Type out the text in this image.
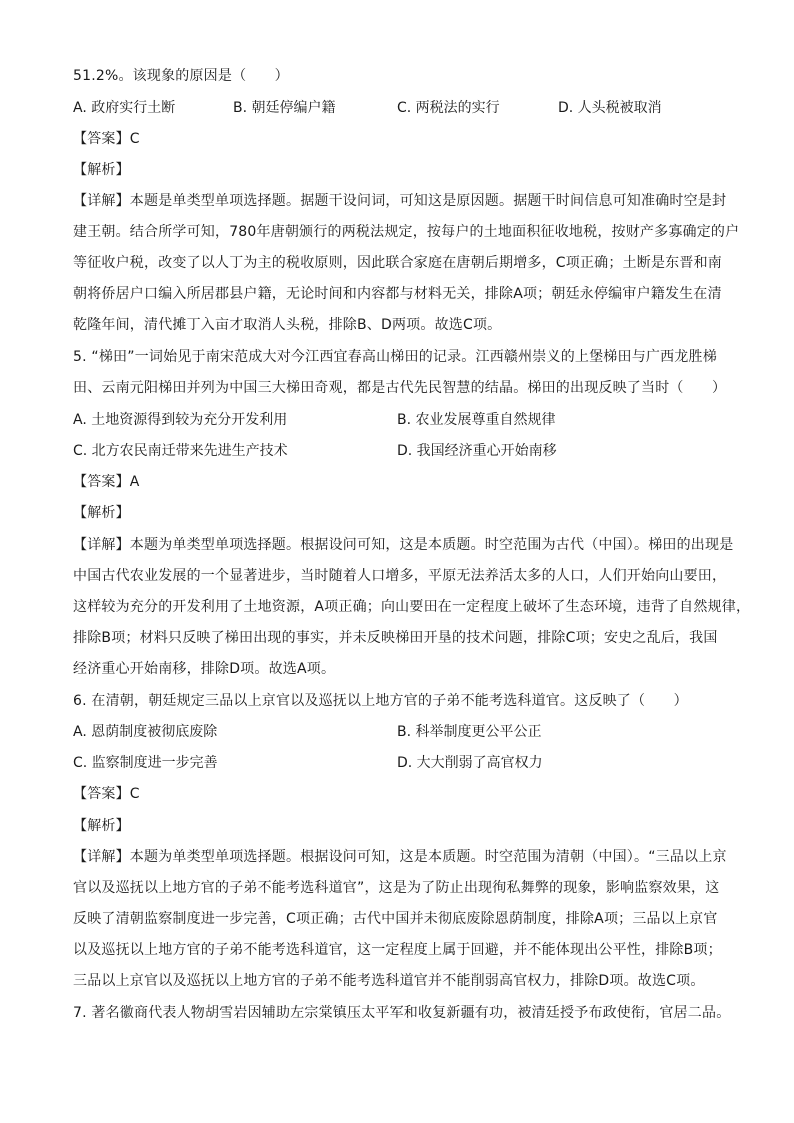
51.2%。该现象的原因是（　　）
A. 政府实行土断	B. 朝廷停编户籍	C. 两税法的实行	D. 人头税被取消
【答案】C
【解析】
【详解】本题是单类型单项选择题。据题干设问词，可知这是原因题。据题干时间信息可知准确时空是封
建王朝。结合所学可知，780年唐朝颁行的两税法规定，按每户的土地面积征收地税，按财产多寡确定的户
等征收户税，改变了以人丁为主的税收原则，因此联合家庭在唐朝后期增多，C项正确；土断是东晋和南
朝将侨居户口编入所居郡县户籍，无论时间和内容都与材料无关，排除A项；朝廷永停编审户籍发生在清
乾隆年间，清代摊丁入亩才取消人头税，排除B、D两项。故选C项。
5. “梯田”一词始见于南宋范成大对今江西宜春高山梯田的记录。江西赣州崇义的上堡梯田与广西龙胜梯
田、云南元阳梯田并列为中国三大梯田奇观，都是古代先民智慧的结晶。梯田的出现反映了当时（　　）
A. 土地资源得到较为充分开发利用	B. 农业发展尊重自然规律
C. 北方农民南迁带来先进生产技术	D. 我国经济重心开始南移
【答案】A
【解析】
【详解】本题为单类型单项选择题。根据设问可知，这是本质题。时空范围为古代（中国）。梯田的出现是
中国古代农业发展的一个显著进步，当时随着人口增多，平原无法养活太多的人口，人们开始向山要田，
这样较为充分的开发利用了土地资源，A项正确；向山要田在一定程度上破坏了生态环境，违背了自然规律，
排除B项；材料只反映了梯田出现的事实，并未反映梯田开垦的技术问题，排除C项；安史之乱后，我国
经济重心开始南移，排除D项。故选A项。
6. 在清朝，朝廷规定三品以上京官以及巡抚以上地方官的子弟不能考选科道官。这反映了（　　）
A. 恩荫制度被彻底废除	B. 科举制度更公平公正
C. 监察制度进一步完善	D. 大大削弱了高官权力
【答案】C
【解析】
【详解】本题为单类型单项选择题。根据设问可知，这是本质题。时空范围为清朝（中国）。“三品以上京
官以及巡抚以上地方官的子弟不能考选科道官”，这是为了防止出现徇私舞弊的现象，影响监察效果，这
反映了清朝监察制度进一步完善，C项正确；古代中国并未彻底废除恩荫制度，排除A项；三品以上京官
以及巡抚以上地方官的子弟不能考选科道官，这一定程度上属于回避，并不能体现出公平性，排除B项；
三品以上京官以及巡抚以上地方官的子弟不能考选科道官并不能削弱高官权力，排除D项。故选C项。
7. 著名徽商代表人物胡雪岩因辅助左宗棠镇压太平军和收复新疆有功，被清廷授予布政使衔，官居二品。
